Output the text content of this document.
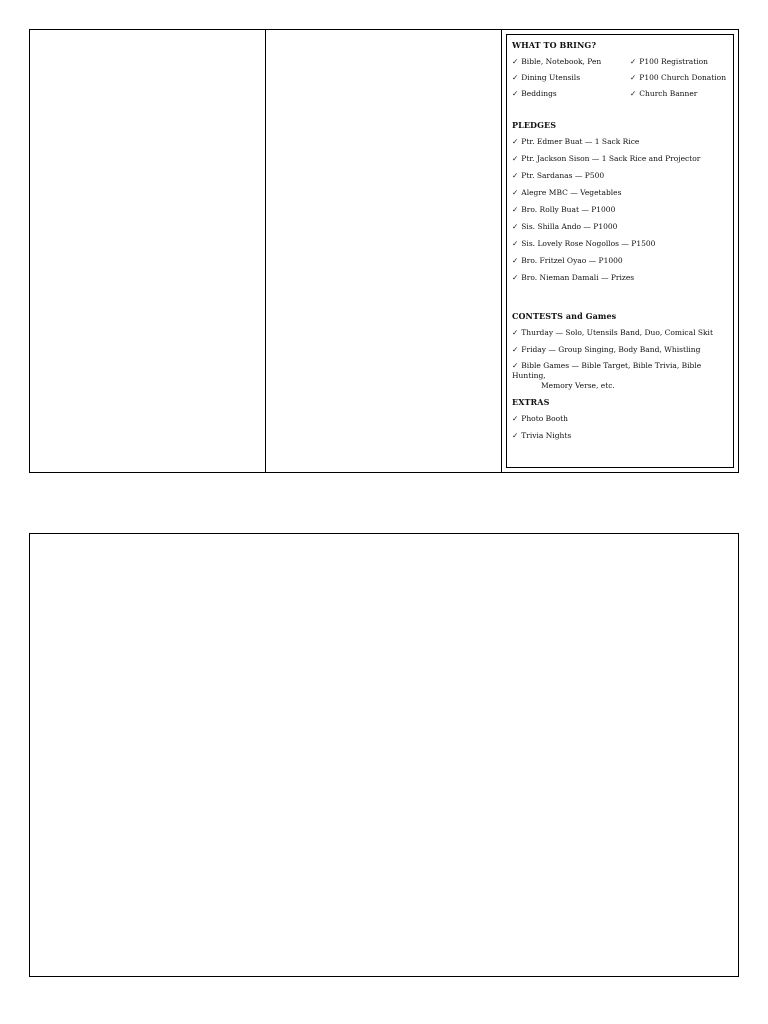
WHAT TO BRING?

✓ Bible, Notebook, Pen	✓ P100 Registration
✓ Dining Utensils	✓ P100 Church Donation
✓ Beddings	✓ Church Banner

PLEDGES

✓ Ptr. Edmer Buat — 1 Sack Rice
✓ Ptr. Jackson Sison — 1 Sack Rice and Projector
✓ Ptr. Sardanas — P500
✓ Alegre MBC — Vegetables
✓ Bro. Rolly Buat — P1000
✓ Sis. Shilla Ando — P1000
✓ Sis. Lovely Rose Nogollos — P1500
✓ Bro. Fritzel Oyao — P1000
✓ Bro. Nieman Damali — Prizes

CONTESTS and Games

✓ Thurday — Solo, Utensils Band, Duo, Comical Skit
✓ Friday — Group Singing, Body Band, Whistling
✓ Bible Games — Bible Target, Bible Trivia, Bible Hunting,
Memory Verse, etc.

EXTRAS

✓ Photo Booth
✓ Trivia Nights
